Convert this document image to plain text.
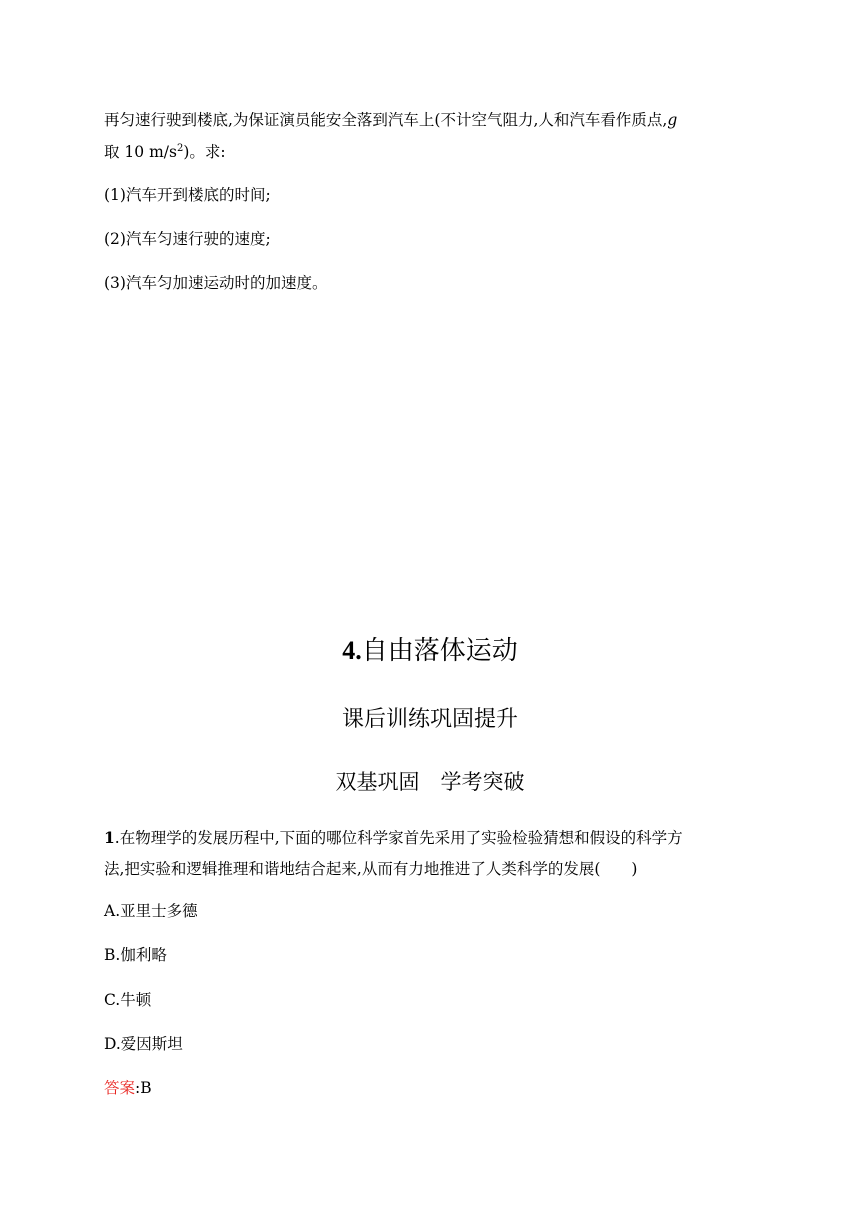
再匀速行驶到楼底,为保证演员能安全落到汽车上(不计空气阻力,人和汽车看作质点,g
取 10 $m/s^2$)。求:
(1)汽车开到楼底的时间;
(2)汽车匀速行驶的速度;
(3)汽车匀加速运动时的加速度。
4.自由落体运动
课后训练巩固提升
双基巩固　学考突破
1.在物理学的发展历程中,下面的哪位科学家首先采用了实验检验猜想和假设的科学方
法,把实验和逻辑推理和谐地结合起来,从而有力地推进了人类科学的发展(　　)
A.亚里士多德
B.伽利略
C.牛顿
D.爱因斯坦
答案:B
